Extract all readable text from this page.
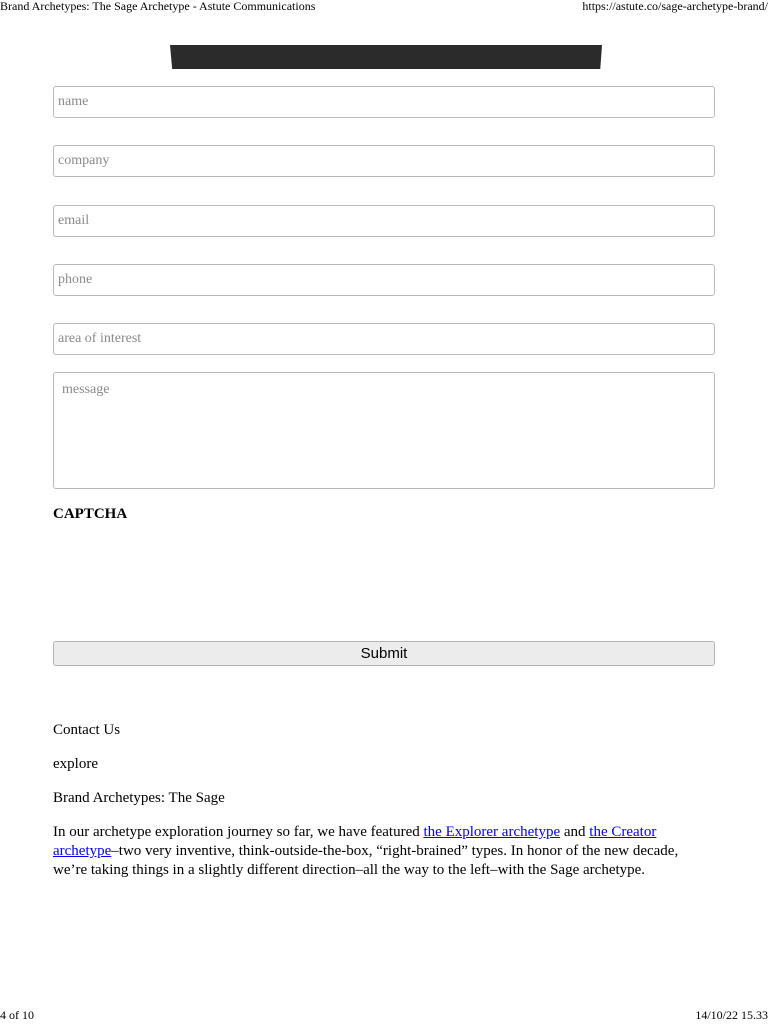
Brand Archetypes: The Sage Archetype - Astute Communications	https://astute.co/sage-archetype-brand/
name
company
email
phone
area of interest
message
CAPTCHA
Submit
Contact Us
explore
Brand Archetypes: The Sage

In our archetype exploration journey so far, we have featured the Explorer archetype and the Creator archetype–two very inventive, think-outside-the-box, “right-brained” types. In honor of the new decade, we’re taking things in a slightly different direction–all the way to the left–with the Sage archetype.

4 of 10	14/10/22 15.33
